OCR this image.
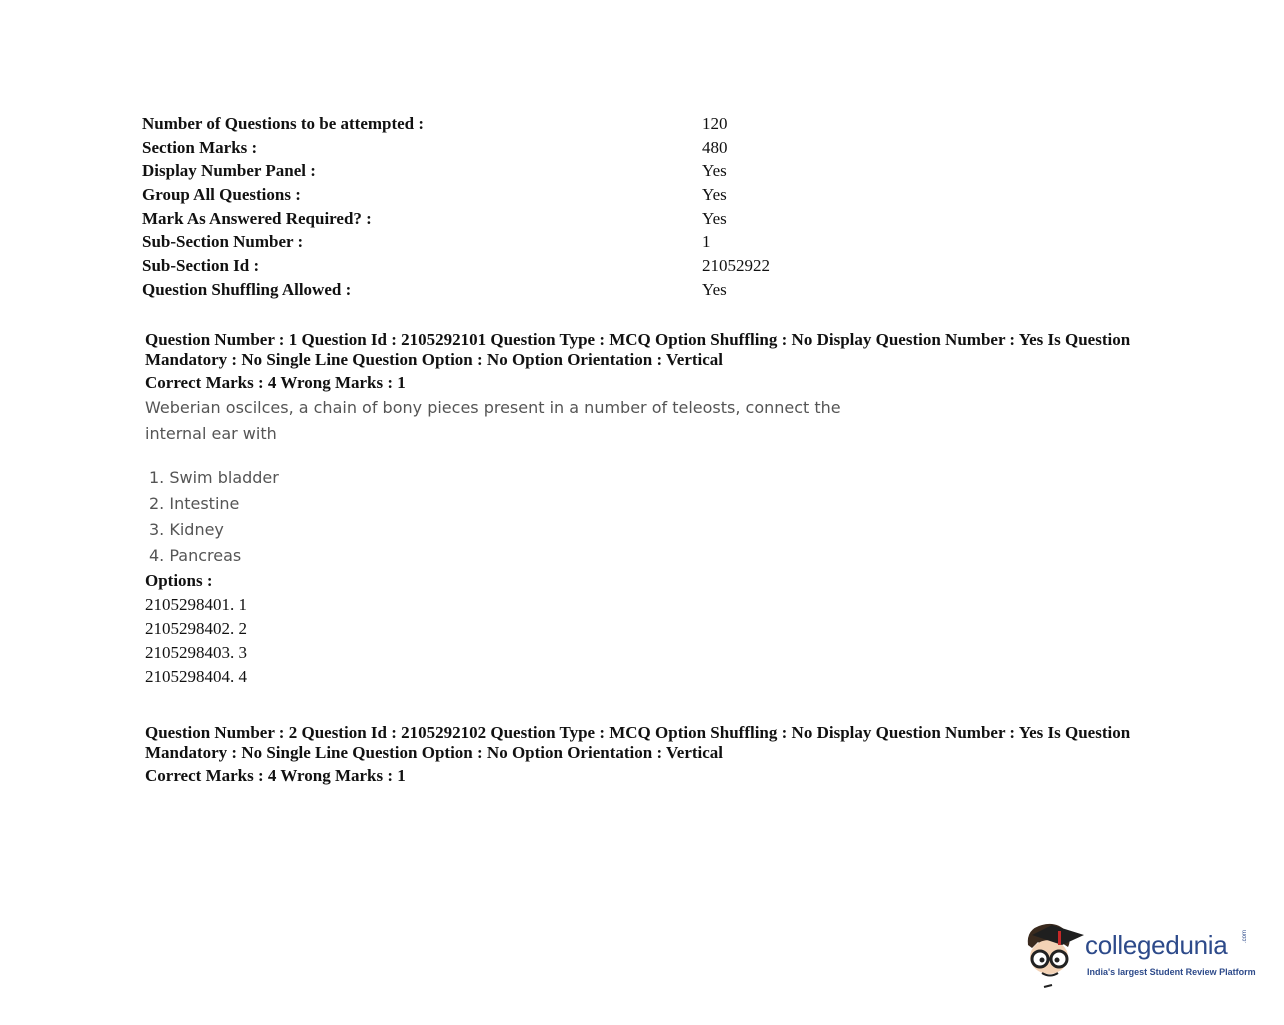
Number of Questions to be attempted :	120
Section Marks :	480
Display Number Panel :	Yes
Group All Questions :	Yes
Mark As Answered Required? :	Yes
Sub-Section Number :	1
Sub-Section Id :	21052922
Question Shuffling Allowed :	Yes
Question Number : 1 Question Id : 2105292101 Question Type : MCQ Option Shuffling : No Display Question Number : Yes Is Question Mandatory : No Single Line Question Option : No Option Orientation : Vertical
Correct Marks : 4 Wrong Marks : 1
Weberian oscilces, a chain of bony pieces present in a number of teleosts, connect the internal ear with
1. Swim bladder
2. Intestine
3. Kidney
4. Pancreas
Options :
2105298401. 1
2105298402. 2
2105298403. 3
2105298404. 4
Question Number : 2 Question Id : 2105292102 Question Type : MCQ Option Shuffling : No Display Question Number : Yes Is Question Mandatory : No Single Line Question Option : No Option Orientation : Vertical
Correct Marks : 4 Wrong Marks : 1
collegedunia .com
India's largest Student Review Platform
